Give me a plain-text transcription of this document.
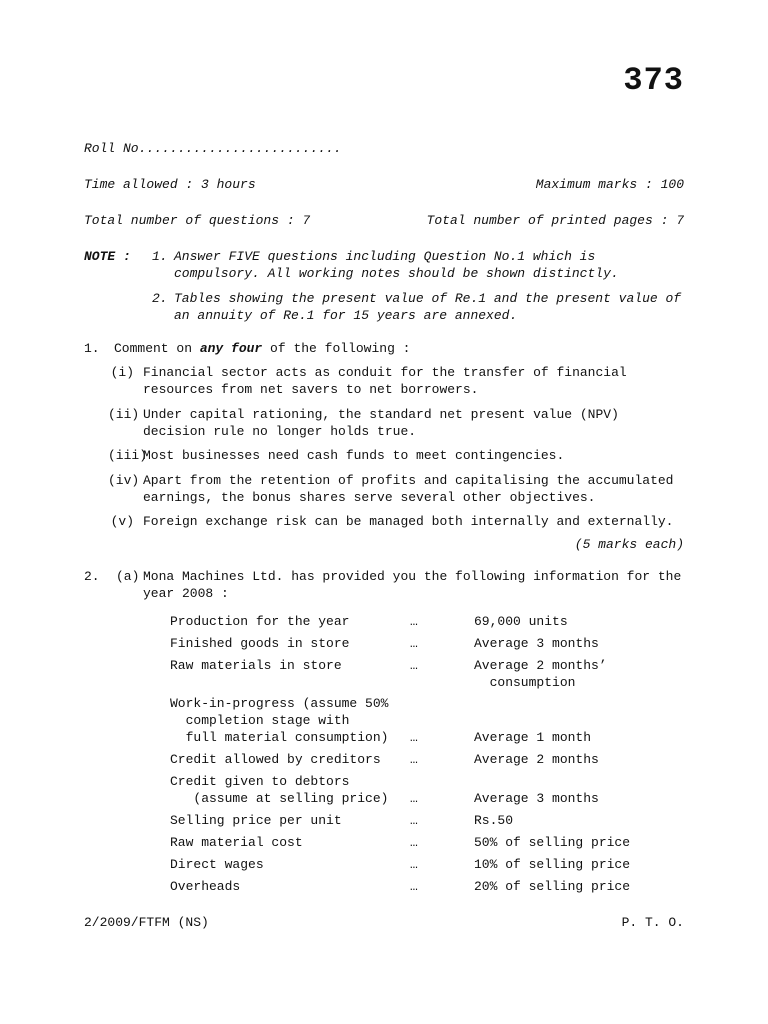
373
Roll No..........................
Time allowed : 3 hours	Maximum marks : 100
Total number of questions : 7	Total number of printed pages : 7
NOTE : 1. Answer FIVE questions including Question No.1 which is compulsory. All working notes should be shown distinctly.
2. Tables showing the present value of Re.1 and the present value of an annuity of Re.1 for 15 years are annexed.
1. Comment on any four of the following :
(i) Financial sector acts as conduit for the transfer of financial resources from net savers to net borrowers.
(ii) Under capital rationing, the standard net present value (NPV) decision rule no longer holds true.
(iii)
Most businesses need cash funds to meet contingencies.
(iv) Apart from the retention of profits and capitalising the accumulated earnings, the bonus shares serve several other objectives.
(v) Foreign exchange risk can be managed both internally and externally.
(5 marks each)
2. (a) Mona Machines Ltd. has provided you the following information for the year 2008 :
Production for the year	…	69,000 units
Finished goods in store	…	Average 3 months
Raw materials in store	…	Average 2 months’
consumption
Work-in-progress (assume 50%
completion stage with
full material consumption) …	Average 1 month
Credit allowed by creditors …	Average 2 months
Credit given to debtors
(assume at selling price) …	Average 3 months
Selling price per unit	…	Rs.50
Raw material cost	…	50% of selling price
Direct wages	…	10% of selling price
Overheads	…	20% of selling price
2/2009/FTFM (NS)	P. T. O.
